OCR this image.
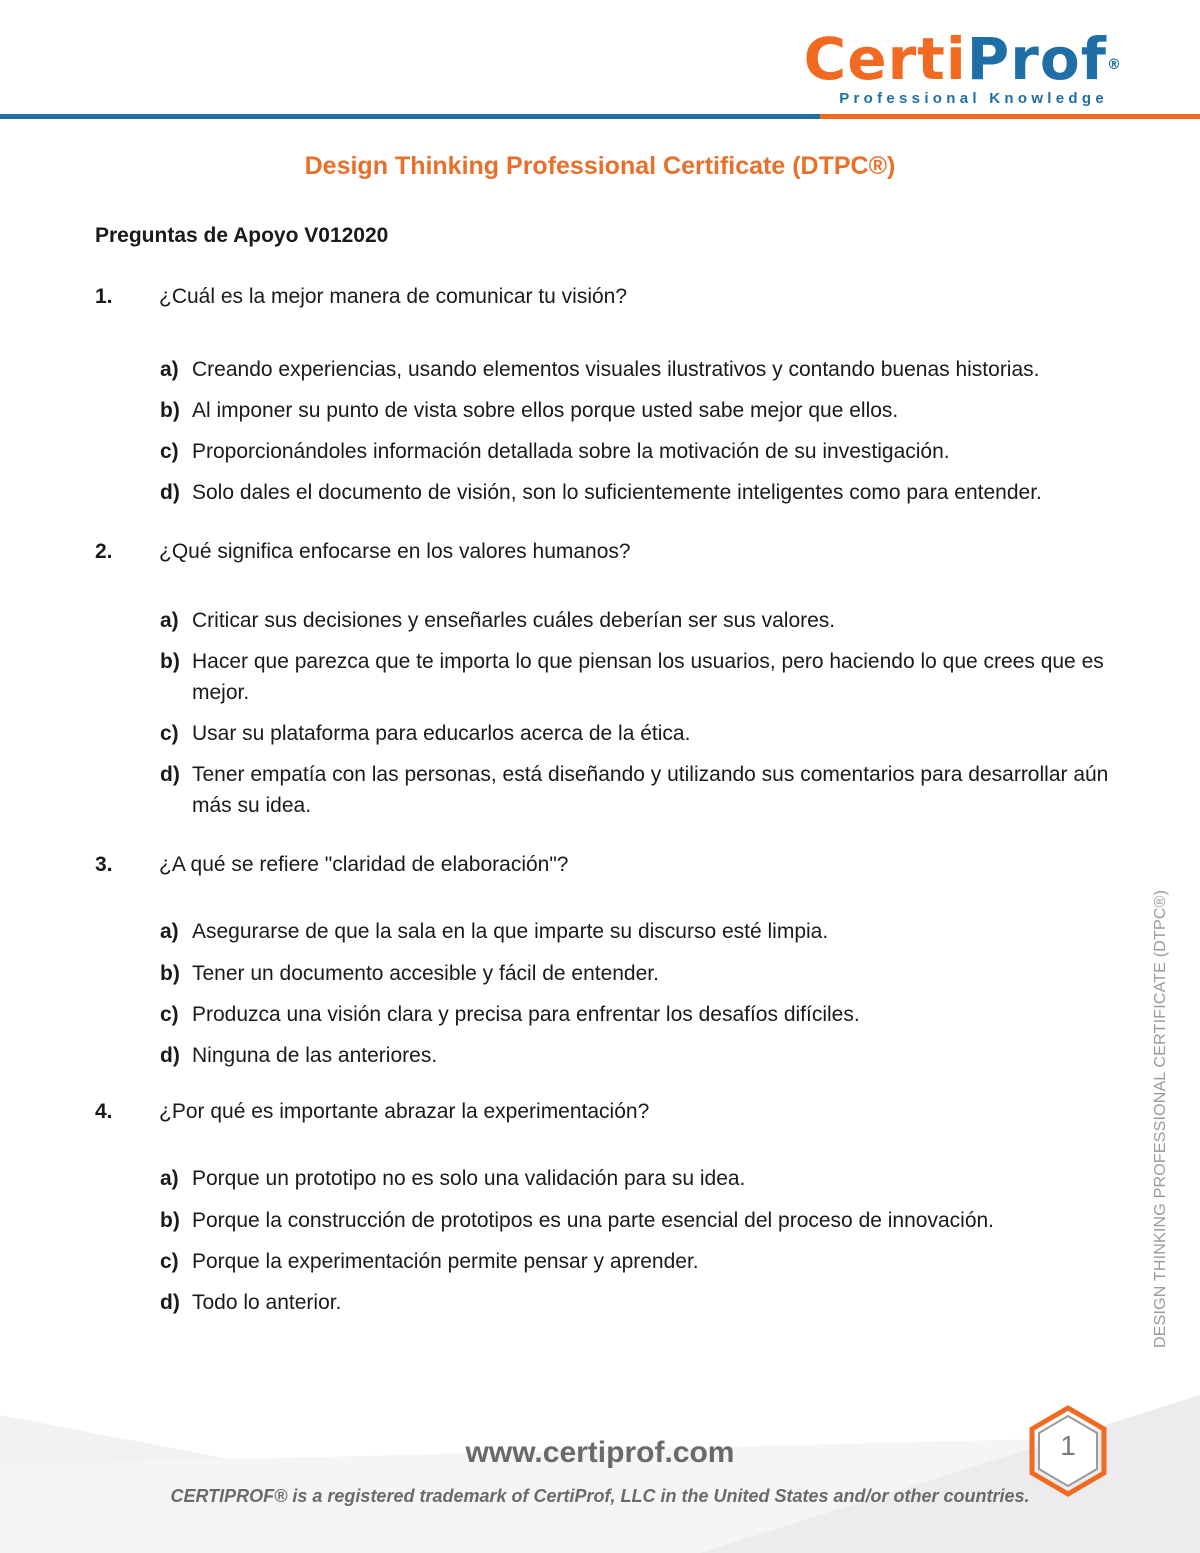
CertiProf®
Professional Knowledge
Design Thinking Professional Certificate (DTPC®)
Preguntas de Apoyo V012020
1.	¿Cuál es la mejor manera de comunicar tu visión?
a) Creando experiencias, usando elementos visuales ilustrativos y contando buenas historias.
b) Al imponer su punto de vista sobre ellos porque usted sabe mejor que ellos.
c) Proporcionándoles información detallada sobre la motivación de su investigación.
d) Solo dales el documento de visión, son lo suficientemente inteligentes como para entender.
2.	¿Qué significa enfocarse en los valores humanos?
a) Criticar sus decisiones y enseñarles cuáles deberían ser sus valores.
b) Hacer que parezca que te importa lo que piensan los usuarios, pero haciendo lo que crees que es mejor.
c) Usar su plataforma para educarlos acerca de la ética.
d) Tener empatía con las personas, está diseñando y utilizando sus comentarios para desarrollar aún más su idea.
3.	¿A qué se refiere "claridad de elaboración"?
a) Asegurarse de que la sala en la que imparte su discurso esté limpia.
b) Tener un documento accesible y fácil de entender.
c) Produzca una visión clara y precisa para enfrentar los desafíos difíciles.
d) Ninguna de las anteriores.
4.	¿Por qué es importante abrazar la experimentación?
a) Porque un prototipo no es solo una validación para su idea.
b) Porque la construcción de prototipos es una parte esencial del proceso de innovación.
c) Porque la experimentación permite pensar y aprender.
d) Todo lo anterior.	DESIGN THINKING PROFESSIONAL CERTIFICATE (DTPC®)
www.certiprof.com
CERTIPROF® is a registered trademark of CertiProf, LLC in the United States and/or other countries.
1
